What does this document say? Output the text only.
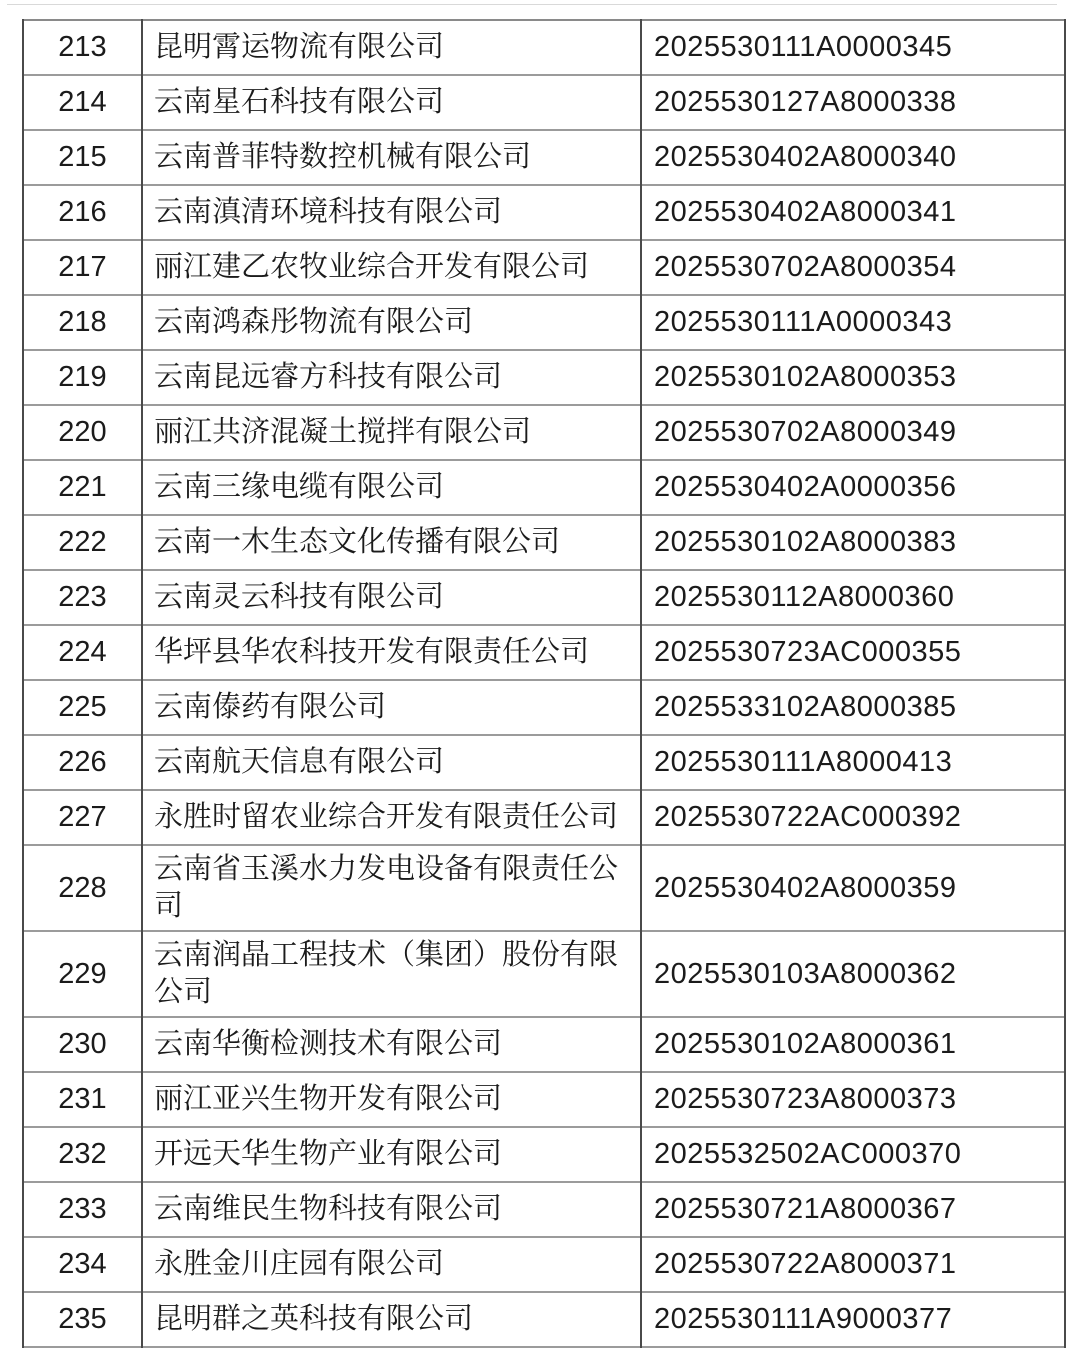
213	昆明霄运物流有限公司	2025530111A0000345
214	云南星石科技有限公司	2025530127A8000338
215	云南普菲特数控机械有限公司	2025530402A8000340
216	云南滇清环境科技有限公司	2025530402A8000341
217	丽江建乙农牧业综合开发有限公司	2025530702A8000354
218	云南鸿森彤物流有限公司	2025530111A0000343
219	云南昆远睿方科技有限公司	2025530102A8000353
220	丽江共济混凝土搅拌有限公司	2025530702A8000349
221	云南三缘电缆有限公司	2025530402A0000356
222	云南一木生态文化传播有限公司	2025530102A8000383
223	云南灵云科技有限公司	2025530112A8000360
224	华坪县华农科技开发有限责任公司	2025530723AC000355
225	云南傣药有限公司	2025533102A8000385
226	云南航天信息有限公司	2025530111A8000413
227	永胜时留农业综合开发有限责任公司	2025530722AC000392
228	云南省玉溪水力发电设备有限责任公司	2025530402A8000359
229	云南润晶工程技术（集团）股份有限公司	2025530103A8000362
230	云南华衡检测技术有限公司	2025530102A8000361
231	丽江亚兴生物开发有限公司	2025530723A8000373
232	开远天华生物产业有限公司	2025532502AC000370
233	云南维民生物科技有限公司	2025530721A8000367
234	永胜金川庄园有限公司	2025530722A8000371
235	昆明群之英科技有限公司	2025530111A9000377
